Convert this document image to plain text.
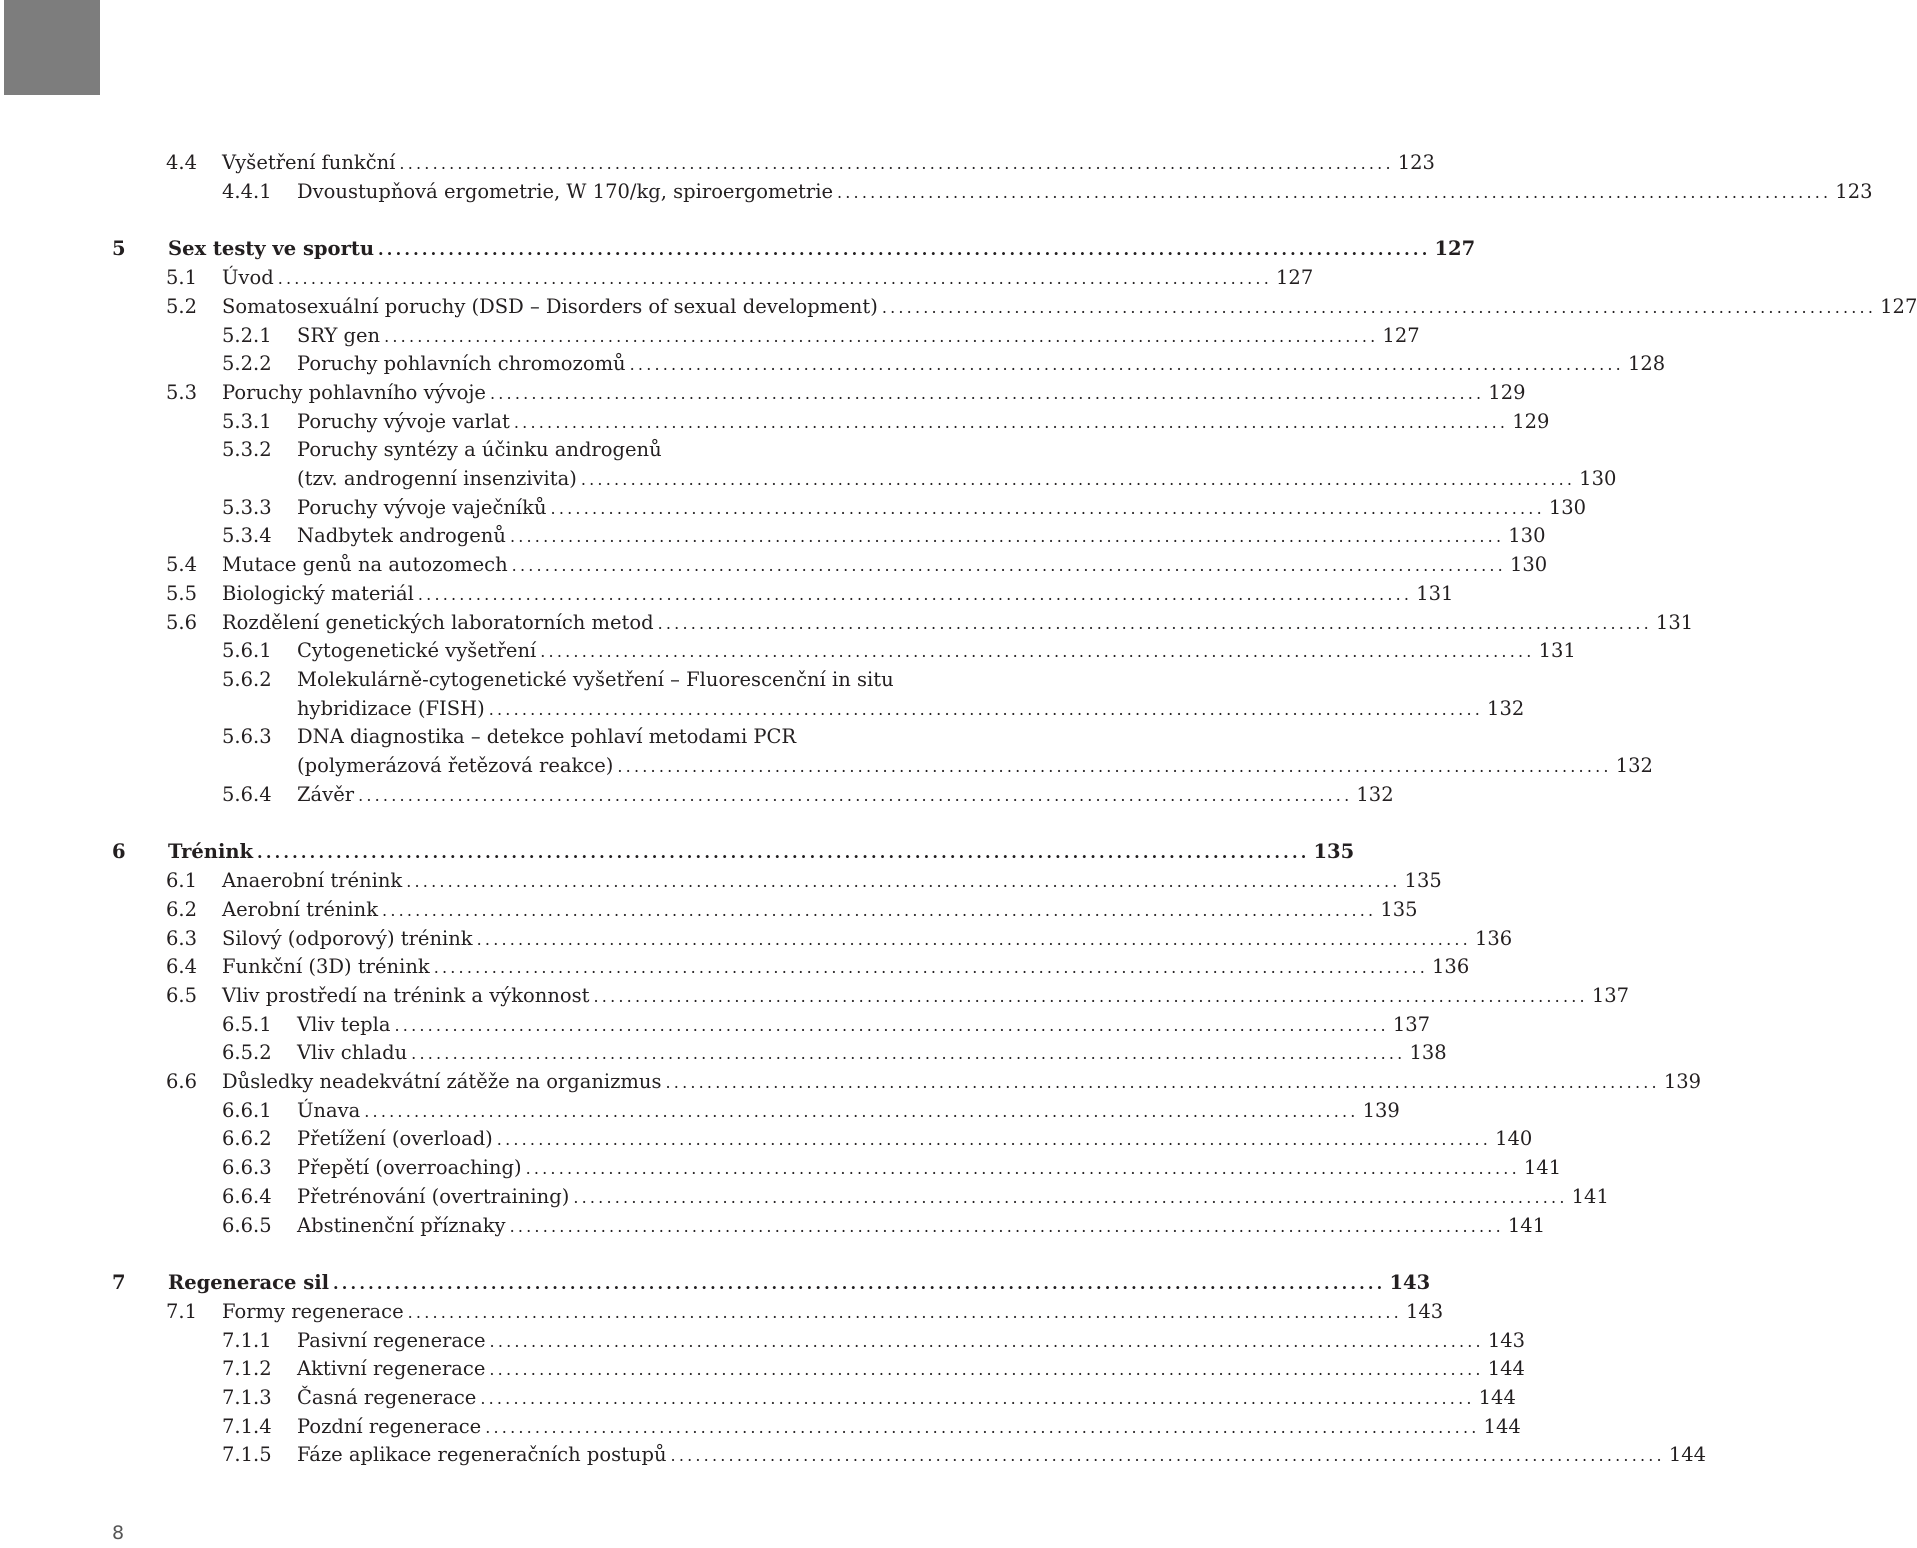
4.4 Vyšetření funkční ........................................................................................................................ 123
4.4.1 Dvoustupňová ergometrie, W 170/kg, spiroergometrie ........................................................................................................................ 123
5 Sex testy ve sportu ........................................................................................................................ 127
5.1 Úvod ........................................................................................................................ 127
5.2 Somatosexuální poruchy (DSD – Disorders of sexual development) ........................................................................................................................ 127
5.2.1 SRY gen ........................................................................................................................ 127
5.2.2 Poruchy pohlavních chromozomů ........................................................................................................................ 128
5.3 Poruchy pohlavního vývoje ........................................................................................................................ 129
5.3.1 Poruchy vývoje varlat ........................................................................................................................ 129
5.3.2 Poruchy syntézy a účinku androgenů
(tzv. androgenní insenzivita) ........................................................................................................................ 130
5.3.3 Poruchy vývoje vaječníků ........................................................................................................................ 130
5.3.4 Nadbytek androgenů ........................................................................................................................ 130
5.4 Mutace genů na autozomech ........................................................................................................................ 130
5.5 Biologický materiál ........................................................................................................................ 131
5.6 Rozdělení genetických laboratorních metod ........................................................................................................................ 131
5.6.1 Cytogenetické vyšetření ........................................................................................................................ 131
5.6.2 Molekulárně-cytogenetické vyšetření – Fluorescenční in situ
hybridizace (FISH) ........................................................................................................................ 132
5.6.3 DNA diagnostika – detekce pohlaví metodami PCR
(polymerázová řetězová reakce) ........................................................................................................................ 132
5.6.4 Závěr ........................................................................................................................ 132
6 Trénink ........................................................................................................................ 135
6.1 Anaerobní trénink ........................................................................................................................ 135
6.2 Aerobní trénink ........................................................................................................................ 135
6.3 Silový (odporový) trénink ........................................................................................................................ 136
6.4 Funkční (3D) trénink ........................................................................................................................ 136
6.5 Vliv prostředí na trénink a výkonnost ........................................................................................................................ 137
6.5.1 Vliv tepla ........................................................................................................................ 137
6.5.2 Vliv chladu ........................................................................................................................ 138
6.6 Důsledky neadekvátní zátěže na organizmus ........................................................................................................................ 139
6.6.1 Únava ........................................................................................................................ 139
6.6.2 Přetížení (overload) ........................................................................................................................ 140
6.6.3 Přepětí (overroaching) ........................................................................................................................ 141
6.6.4 Přetrénování (overtraining) ........................................................................................................................ 141
6.6.5 Abstinenční příznaky ........................................................................................................................ 141
7 Regenerace sil ........................................................................................................................ 143
7.1 Formy regenerace ........................................................................................................................ 143
7.1.1 Pasivní regenerace ........................................................................................................................ 143
7.1.2 Aktivní regenerace ........................................................................................................................ 144
7.1.3 Časná regenerace ........................................................................................................................ 144
7.1.4 Pozdní regenerace ........................................................................................................................ 144
7.1.5 Fáze aplikace regeneračních postupů ........................................................................................................................ 144
8
